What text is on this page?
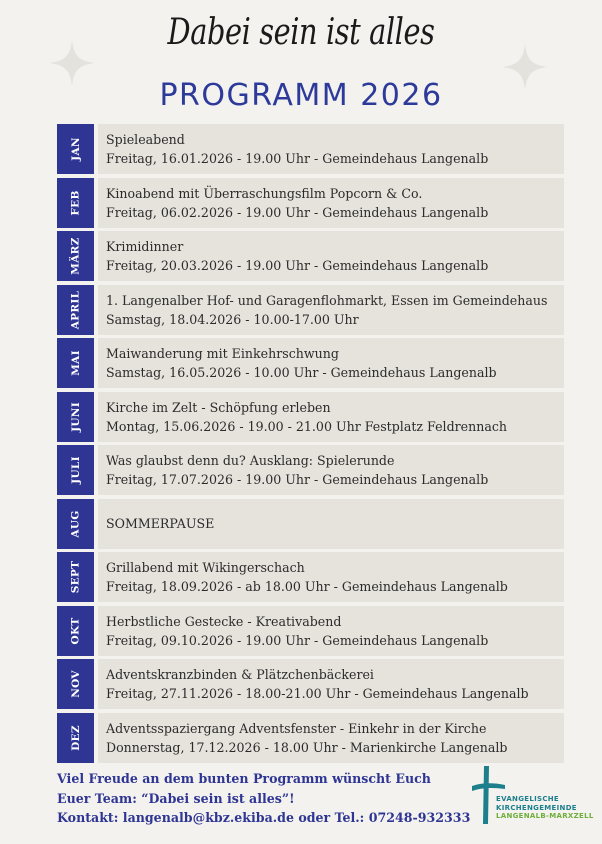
Dabei sein ist alles
PROGRAMM 2026
JAN Spieleabend
Freitag, 16.01.2026 - 19.00 Uhr - Gemeindehaus Langenalb
FEB Kinoabend mit Überraschungsfilm Popcorn & Co.
Freitag, 06.02.2026 - 19.00 Uhr - Gemeindehaus Langenalb
MÄRZ Krimidinner
Freitag, 20.03.2026 - 19.00 Uhr - Gemeindehaus Langenalb
APRIL 1. Langenalber Hof- und Garagenflohmarkt, Essen im Gemeindehaus
Samstag, 18.04.2026 - 10.00-17.00 Uhr
MAI Maiwanderung mit Einkehrschwung
Samstag, 16.05.2026 - 10.00 Uhr - Gemeindehaus Langenalb
JUNI Kirche im Zelt - Schöpfung erleben
Montag, 15.06.2026 - 19.00 - 21.00 Uhr Festplatz Feldrennach
JULI Was glaubst denn du? Ausklang: Spielerunde
Freitag, 17.07.2026 - 19.00 Uhr - Gemeindehaus Langenalb
AUG SOMMERPAUSE
SEPT Grillabend mit Wikingerschach
Freitag, 18.09.2026 - ab 18.00 Uhr - Gemeindehaus Langenalb
OKT Herbstliche Gestecke - Kreativabend
Freitag, 09.10.2026 - 19.00 Uhr - Gemeindehaus Langenalb
NOV Adventskranzbinden & Plätzchenbäckerei
Freitag, 27.11.2026 - 18.00-21.00 Uhr - Gemeindehaus Langenalb
DEZ Adventsspaziergang Adventsfenster - Einkehr in der Kirche
Donnerstag, 17.12.2026 - 18.00 Uhr - Marienkirche Langenalb
Viel Freude an dem bunten Programm wünscht Euch
Euer Team: “Dabei sein ist alles”!
Kontakt: langenalb@kbz.ekiba.de oder Tel.: 07248-932333
EVANGELISCHE
KIRCHENGEMEINDE
LANGENALB-MARXZELL
